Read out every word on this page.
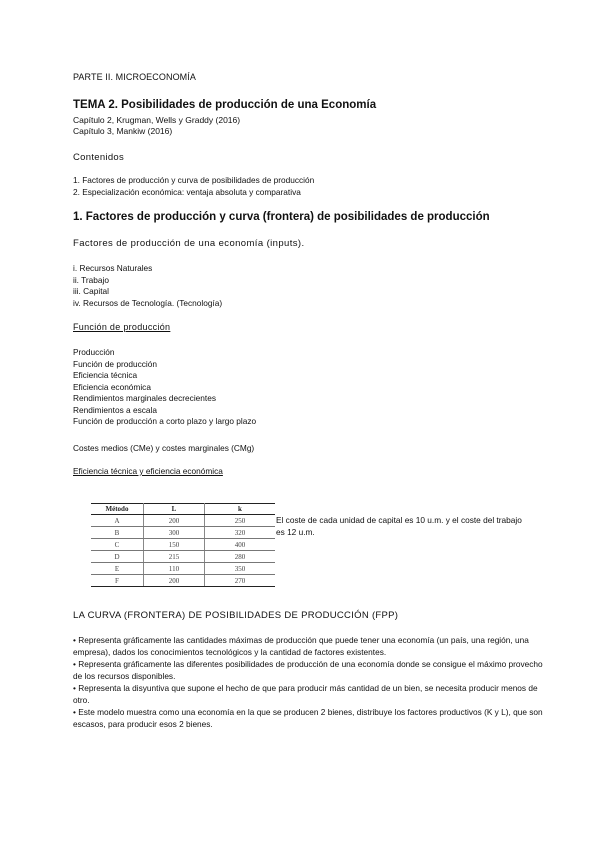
PARTE II. MICROECONOMÍA
TEMA 2. Posibilidades de producción de una Economía
Capítulo 2, Krugman, Wells y Graddy (2016)
Capítulo 3, Mankiw (2016)
Contenidos
1. Factores de producción y curva de posibilidades de producción
2. Especialización económica: ventaja absoluta y comparativa
1. Factores de producción y curva (frontera) de posibilidades de producción
Factores de producción de una economía (inputs).
i. Recursos Naturales
ii. Trabajo
iii. Capital
iv. Recursos de Tecnología. (Tecnología)
Función de producción
Producción
Función de producción
Eficiencia técnica
Eficiencia económica
Rendimientos marginales decrecientes
Rendimientos a escala
Función de producción a corto plazo y largo plazo
Costes medios (CMe) y costes marginales (CMg)
Eficiencia técnica y eficiencia económica
Método	L	k
A	200	250
B	300	320
C	150	400
D	215	280
E	110	350
F	200	270
El coste de cada unidad de capital es 10 u.m. y el coste del trabajo es 12 u.m.
LA CURVA (FRONTERA) DE POSIBILIDADES DE PRODUCCIÓN (FPP)
• Representa gráficamente las cantidades máximas de producción que puede tener una economía (un país, una región, una empresa), dados los conocimientos tecnológicos y la cantidad de factores existentes.
• Representa gráficamente las diferentes posibilidades de producción de una economía donde se consigue el máximo provecho de los recursos disponibles.
• Representa la disyuntiva que supone el hecho de que para producir más cantidad de un bien, se necesita producir menos de otro.
• Este modelo muestra como una economía en la que se producen 2 bienes, distribuye los factores productivos (K y L), que son escasos, para producir esos 2 bienes.
